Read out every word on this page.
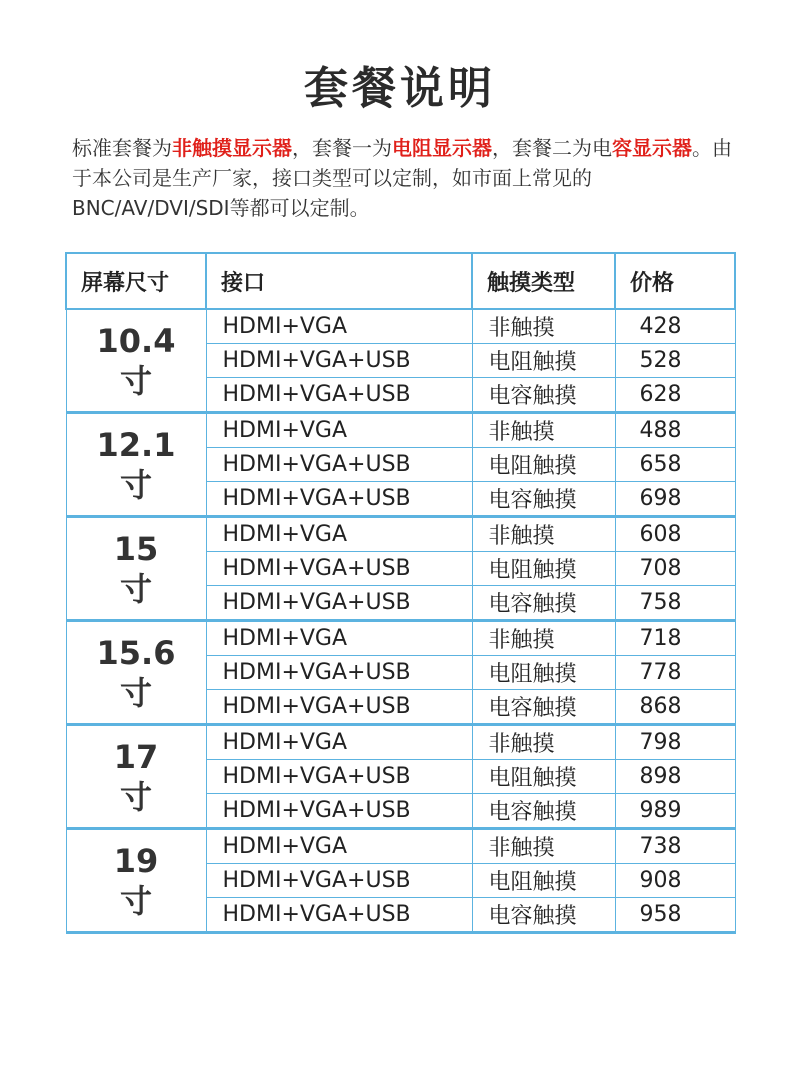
套餐说明
标准套餐为非触摸显示器，套餐一为电阻显示器，套餐二为电容显示器。由于本公司是生产厂家，接口类型可以定制，如市面上常见的BNC/AV/DVI/SDI等都可以定制。
屏幕尺寸	接口	触摸类型	价格

10.4
寸	HDMI+VGA	非触摸	428
	HDMI+VGA+USB	电阻触摸	528
	HDMI+VGA+USB	电容触摸	628

12.1
寸	HDMI+VGA	非触摸	488
	HDMI+VGA+USB	电阻触摸	658
	HDMI+VGA+USB	电容触摸	698

15
寸	HDMI+VGA	非触摸	608
	HDMI+VGA+USB	电阻触摸	708
	HDMI+VGA+USB	电容触摸	758

15.6
寸	HDMI+VGA	非触摸	718
	HDMI+VGA+USB	电阻触摸	778
	HDMI+VGA+USB	电容触摸	868

17
寸	HDMI+VGA	非触摸	798
	HDMI+VGA+USB	电阻触摸	898
	HDMI+VGA+USB	电容触摸	989

19
寸	HDMI+VGA	非触摸	738
	HDMI+VGA+USB	电阻触摸	908
	HDMI+VGA+USB	电容触摸	958
